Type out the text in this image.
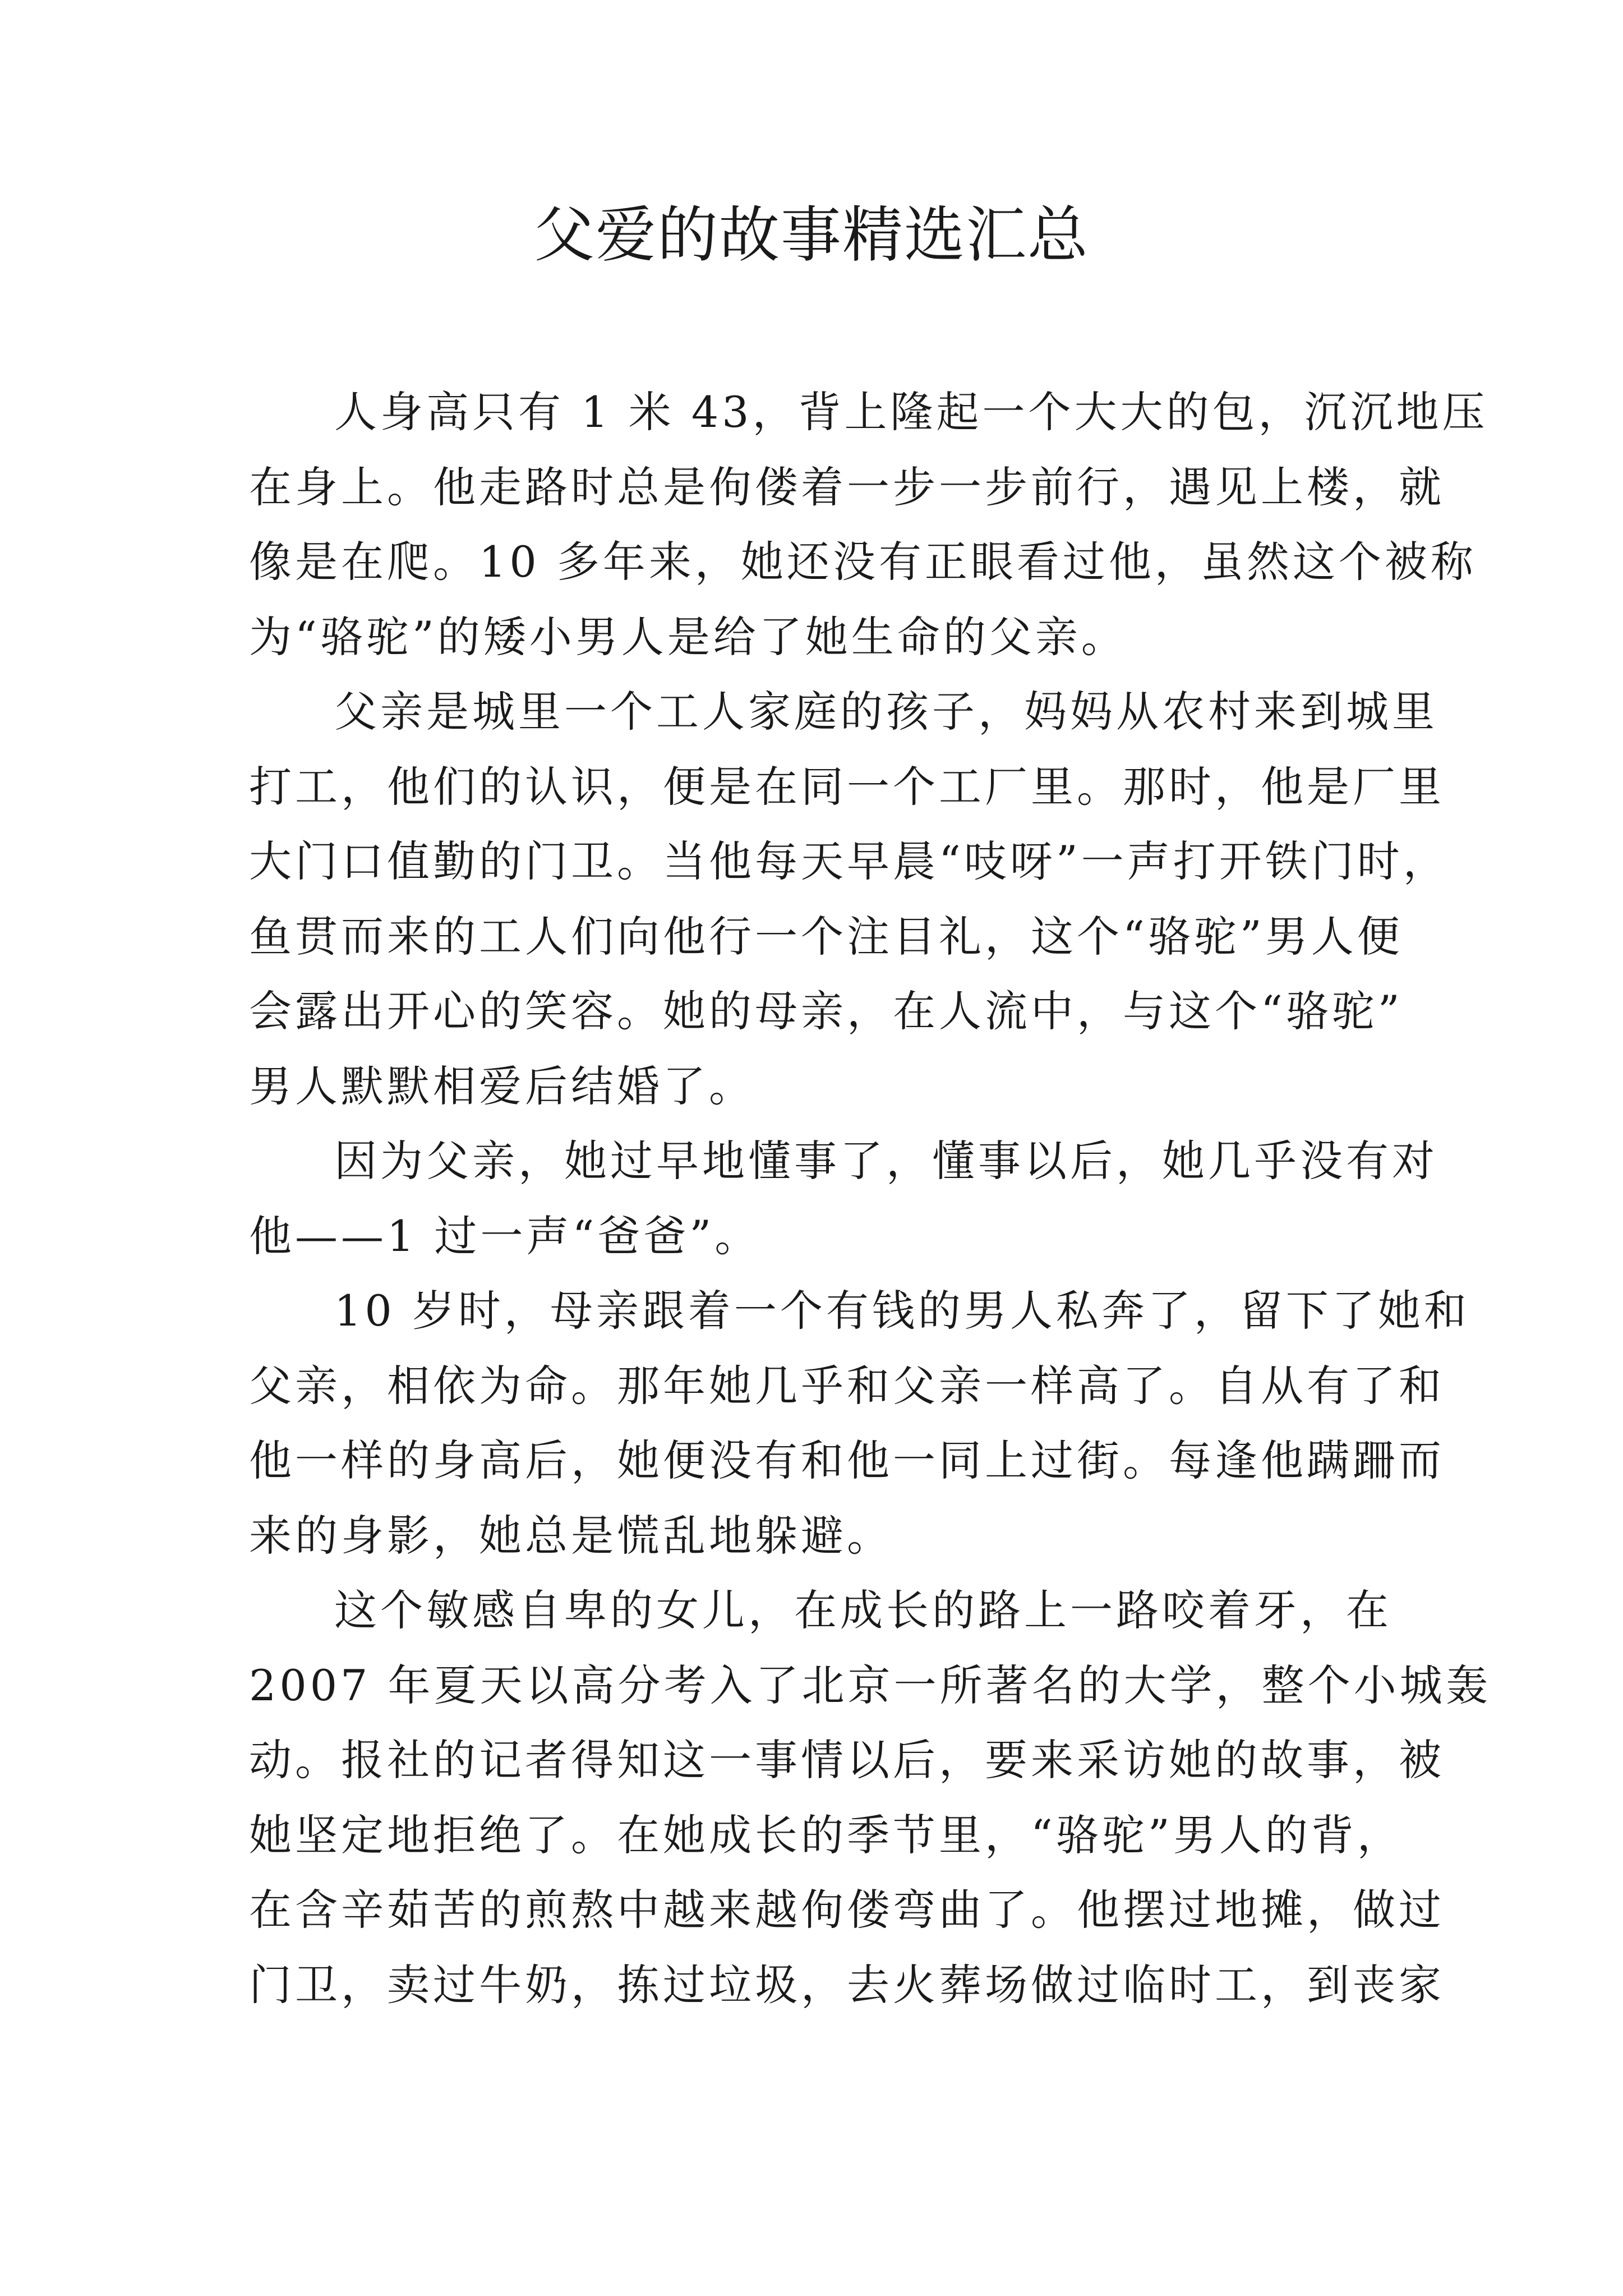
父爱的故事精选汇总
人身高只有 1 米 43，背上隆起一个大大的包，沉沉地压
在身上。他走路时总是佝偻着一步一步前行，遇见上楼，就
像是在爬。10 多年来，她还没有正眼看过他，虽然这个被称
为“骆驼”的矮小男人是给了她生命的父亲。
父亲是城里一个工人家庭的孩子，妈妈从农村来到城里
打工，他们的认识，便是在同一个工厂里。那时，他是厂里
大门口值勤的门卫。当他每天早晨“吱呀”一声打开铁门时，
鱼贯而来的工人们向他行一个注目礼，这个“骆驼”男人便
会露出开心的笑容。她的母亲，在人流中，与这个“骆驼”
男人默默相爱后结婚了。
因为父亲，她过早地懂事了，懂事以后，她几乎没有对
他——1 过一声“爸爸”。
10 岁时，母亲跟着一个有钱的男人私奔了，留下了她和
父亲，相依为命。那年她几乎和父亲一样高了。自从有了和
他一样的身高后，她便没有和他一同上过街。每逢他蹒跚而
来的身影，她总是慌乱地躲避。
这个敏感自卑的女儿，在成长的路上一路咬着牙，在
2007 年夏天以高分考入了北京一所著名的大学，整个小城轰
动。报社的记者得知这一事情以后，要来采访她的故事，被
她坚定地拒绝了。在她成长的季节里，“骆驼”男人的背，
在含辛茹苦的煎熬中越来越佝偻弯曲了。他摆过地摊，做过
门卫，卖过牛奶，拣过垃圾，去火葬场做过临时工，到丧家
